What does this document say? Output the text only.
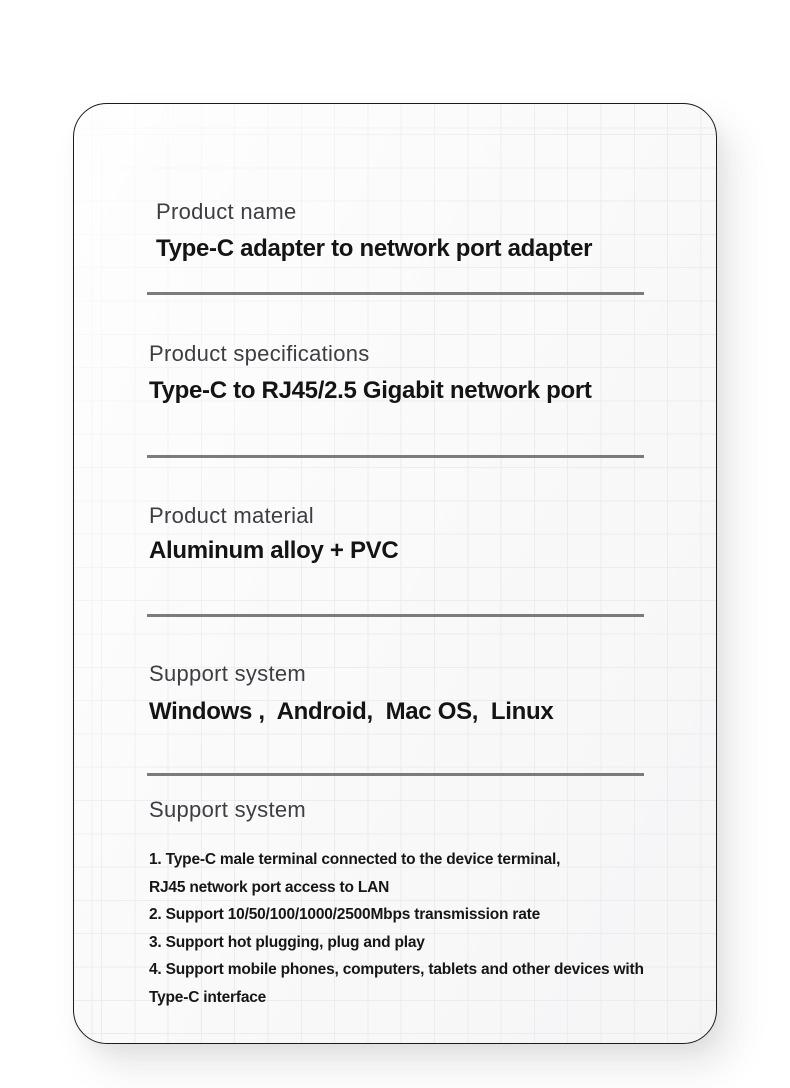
Product name
Type-C adapter to network port adapter
Product specifications
Type-C to RJ45/2.5 Gigabit network port
Product material
Aluminum alloy + PVC
Support system
Windows ,  Android,  Mac OS,  Linux
Support system
1. Type-C male terminal connected to the device terminal,
RJ45 network port access to LAN
2. Support 10/50/100/1000/2500Mbps transmission rate
3. Support hot plugging, plug and play
4. Support mobile phones, computers, tablets and other devices with
Type-C interface
